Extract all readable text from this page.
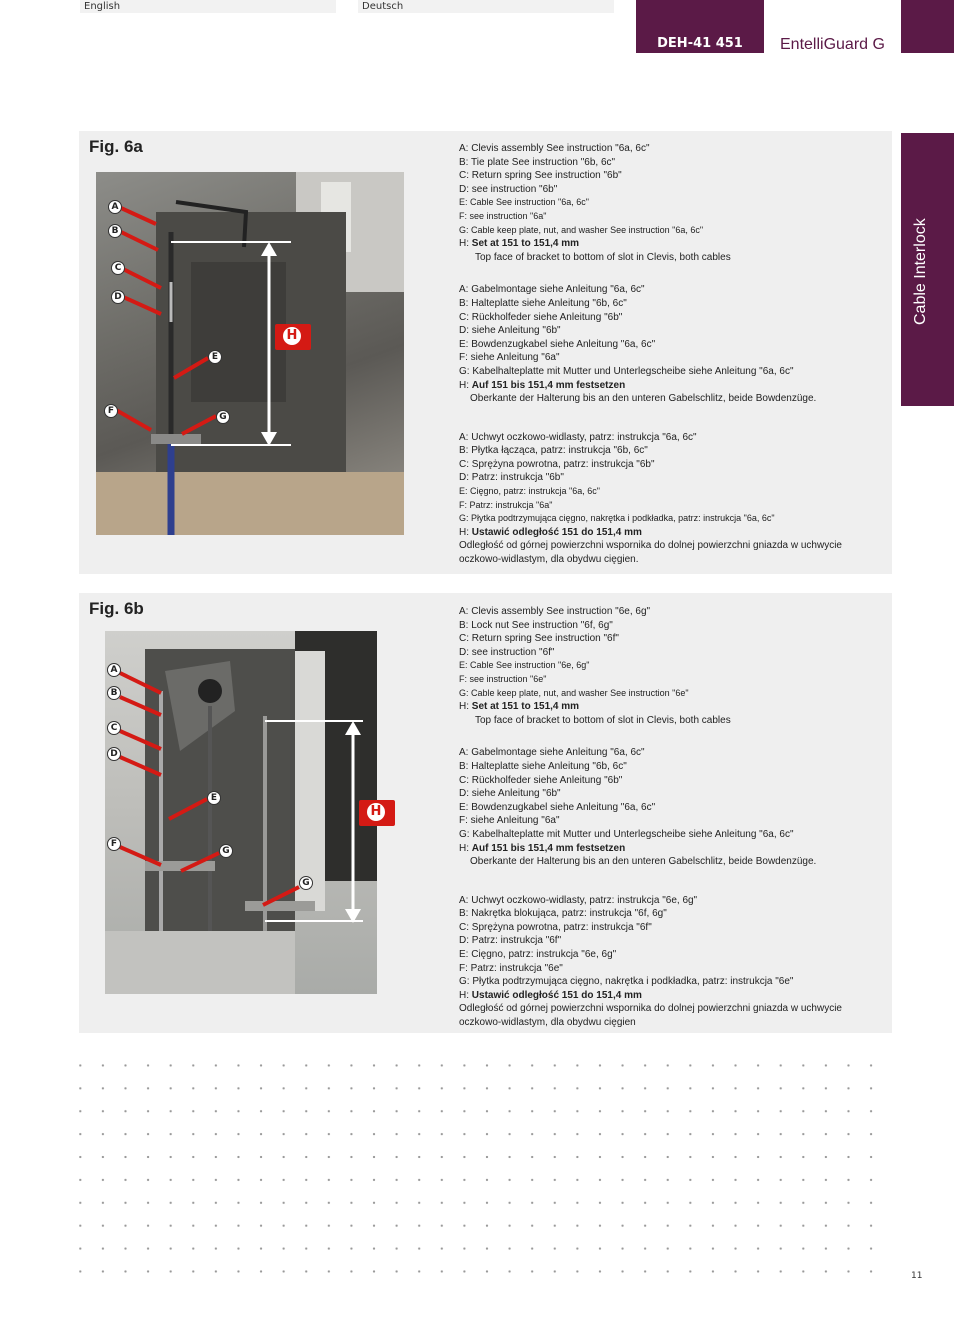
English	Deutsch
DEH-41 451	EntelliGuard G
Cable Interlock
Fig. 6a
A
B
C
D
E
F
G
H
A: Clevis assembly See instruction "6a, 6c"
B: Tie plate See instruction "6b, 6c"
C: Return spring See instruction "6b"
D: see instruction "6b"
E: Cable See instruction "6a, 6c"
F: see instruction "6a"
G: Cable keep plate, nut, and washer See instruction "6a, 6c"
H: Set at 151 to 151,4 mm
Top face of bracket to bottom of slot in Clevis, both cables
A: Gabelmontage siehe Anleitung "6a, 6c"
B: Halteplatte siehe Anleitung "6b, 6c"
C: Rückholfeder siehe Anleitung "6b"
D: siehe Anleitung "6b"
E: Bowdenzugkabel siehe Anleitung "6a, 6c"
F: siehe Anleitung "6a"
G: Kabelhalteplatte mit Mutter und Unterlegscheibe siehe Anleitung "6a, 6c"
H: Auf 151 bis 151,4 mm festsetzen
Oberkante der Halterung bis an den unteren Gabelschlitz, beide Bowdenzüge.
A: Uchwyt oczkowo-widlasty, patrz: instrukcja "6a, 6c"
B: Płytka łącząca, patrz: instrukcja "6b, 6c"
C: Sprężyna powrotna, patrz: instrukcja "6b"
D: Patrz: instrukcja "6b"
E: Cięgno, patrz: instrukcja "6a, 6c"
F: Patrz: instrukcja "6a"
G: Płytka podtrzymująca cięgno, nakrętka i podkładka, patrz: instrukcja "6a, 6c"
H: Ustawić odległość 151 do 151,4 mm
Odległość od górnej powierzchni wspornika do dolnej powierzchni gniazda w uchwycie oczkowo-widlastym, dla obydwu cięgien.
Fig. 6b
A
B
C
D
E
F
G
G
H
A: Clevis assembly See instruction "6e, 6g"
B: Lock nut See instruction "6f, 6g"
C: Return spring See instruction "6f"
D: see instruction "6f"
E: Cable See instruction "6e, 6g"
F: see instruction "6e"
G: Cable keep plate, nut, and washer See instruction "6e"
H: Set at 151 to 151,4 mm
Top face of bracket to bottom of slot in Clevis, both cables
A: Gabelmontage siehe Anleitung "6a, 6c"
B: Halteplatte siehe Anleitung "6b, 6c"
C: Rückholfeder siehe Anleitung "6b"
D: siehe Anleitung "6b"
E: Bowdenzugkabel siehe Anleitung "6a, 6c"
F: siehe Anleitung "6a"
G: Kabelhalteplatte mit Mutter und Unterlegscheibe siehe Anleitung "6a, 6c"
H: Auf 151 bis 151,4 mm festsetzen
Oberkante der Halterung bis an den unteren Gabelschlitz, beide Bowdenzüge.
A: Uchwyt oczkowo-widlasty, patrz: instrukcja "6e, 6g"
B: Nakrętka blokująca, patrz: instrukcja "6f, 6g"
C: Sprężyna powrotna, patrz: instrukcja "6f"
D: Patrz: instrukcja "6f"
E: Cięgno, patrz: instrukcja "6e, 6g"
F: Patrz: instrukcja "6e"
G: Płytka podtrzymująca cięgno, nakrętka i podkładka, patrz: instrukcja "6e"
H: Ustawić odległość 151 do 151,4 mm
Odległość od górnej powierzchni wspornika do dolnej powierzchni gniazda w uchwycie oczkowo-widlastym, dla obydwu cięgien
11
